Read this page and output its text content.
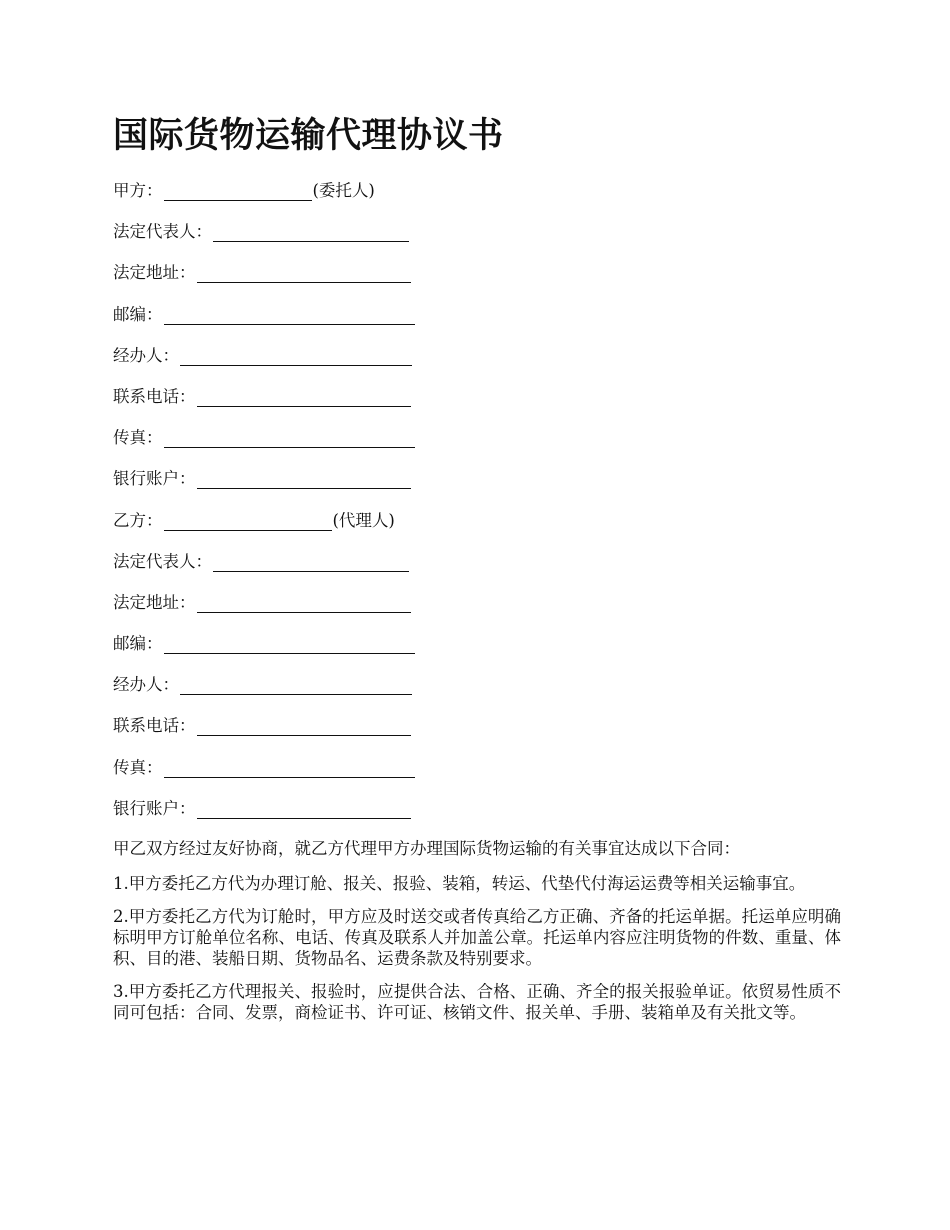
国际货物运输代理协议书
甲方：	(委托人)
法定代表人：
法定地址：
邮编：
经办人：
联系电话：
传真：
银行账户：
乙方：	(代理人)
法定代表人：
法定地址：
邮编：
经办人：
联系电话：
传真：
银行账户：

甲乙双方经过友好协商，就乙方代理甲方办理国际货物运输的有关事宜达成以下合同：

1.甲方委托乙方代为办理订舱、报关、报验、装箱，转运、代垫代付海运运费等相关运输事宜。

2.甲方委托乙方代为订舱时，甲方应及时送交或者传真给乙方正确、齐备的托运单据。托运单应明确标明甲方订舱单位名称、电话、传真及联系人并加盖公章。托运单内容应注明货物的件数、重量、体积、目的港、装船日期、货物品名、运费条款及特别要求。

3.甲方委托乙方代理报关、报验时，应提供合法、合格、正确、齐全的报关报验单证。依贸易性质不同可包括：合同、发票，商检证书、许可证、核销文件、报关单、手册、装箱单及有关批文等。
